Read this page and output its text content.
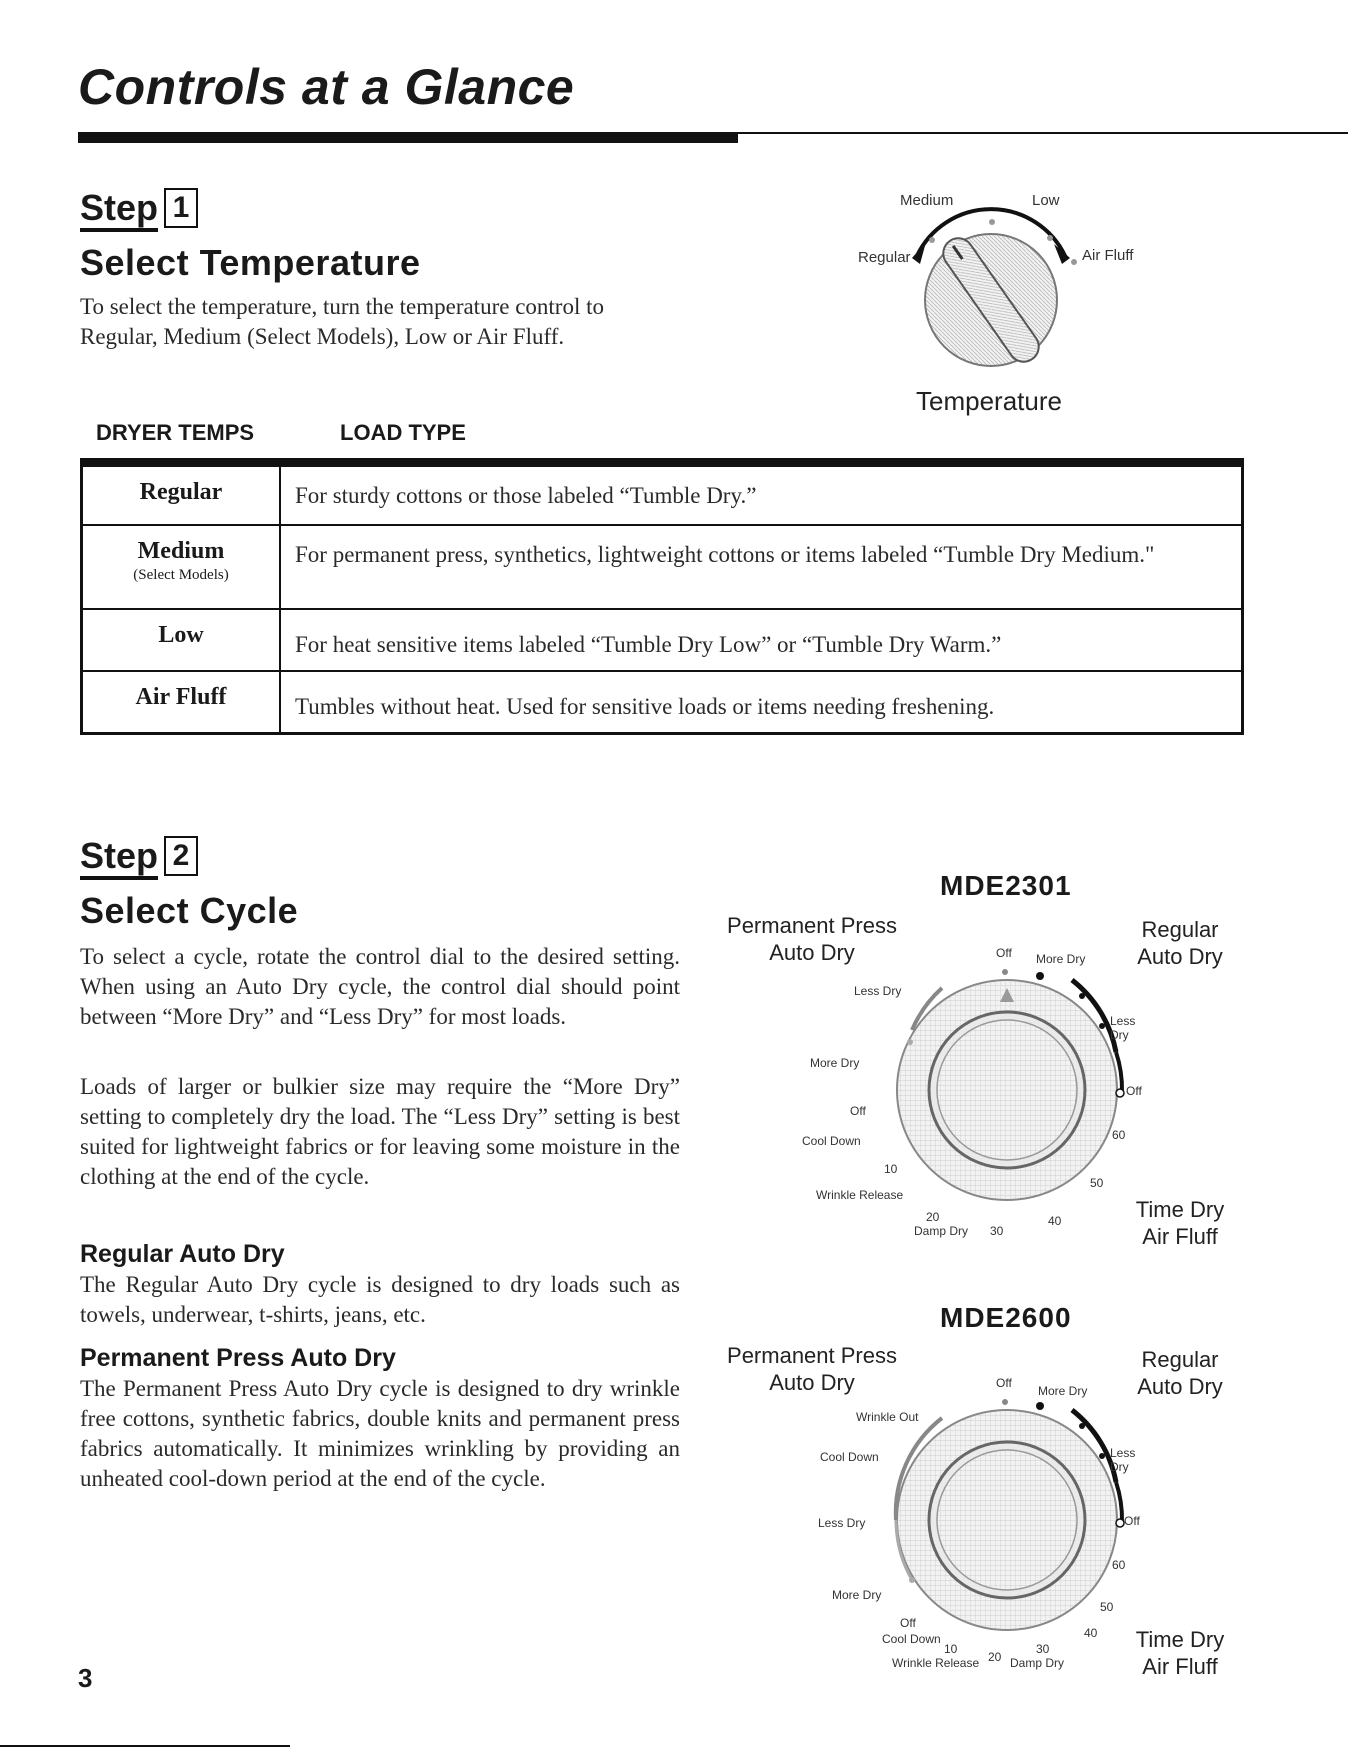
Controls at a Glance
Step 1
Select Temperature

To select the temperature, turn the temperature control to Regular, Medium (Select Models), Low or Air Fluff.

Medium	Low
Regular	Air Fluff
Temperature
DRYER TEMPS	LOAD TYPE
Regular	For sturdy cottons or those labeled “Tumble Dry.”
Medium
(Select Models)	For permanent press, synthetics, lightweight cottons or items labeled “Tumble Dry Medium."
Low	For heat sensitive items labeled “Tumble Dry Low” or “Tumble Dry Warm.”
Air Fluff	Tumbles without heat. Used for sensitive loads or items needing freshening.
Step 2
Select Cycle

To select a cycle, rotate the control dial to the desired setting. When using an Auto Dry cycle, the control dial should point between “More Dry” and “Less Dry” for most loads.

Loads of larger or bulkier size may require the “More Dry” setting to completely dry the load. The “Less Dry” setting is best suited for lightweight fabrics or for leaving some moisture in the clothing at the end of the cycle.

Regular Auto Dry

The Regular Auto Dry cycle is designed to dry loads such as towels, underwear, t-shirts, jeans, etc.

Permanent Press Auto Dry

The Permanent Press Auto Dry cycle is designed to dry wrinkle free cottons, synthetic fabrics, double knits and permanent press fabrics automatically. It minimizes wrinkling by providing an unheated cool-down period at the end of the cycle.

MDE2301
Permanent Press
Auto Dry
Regular
Auto Dry
Time Dry
Air Fluff
Off More Dry
Less Dry
Off
60
50
40
30
Damp Dry
20
Wrinkle Release
10
Cool Down
Off
More Dry
Less Dry
MDE2600
Permanent Press
Auto Dry
Regular
Auto Dry
Time Dry
Air Fluff
Off
More Dry
Less Dry
Off
60
50
40
30
Damp Dry
20
Wrinkle Release
10
Cool Down
Off
More Dry
Less Dry
Cool Down
Wrinkle Out
3
